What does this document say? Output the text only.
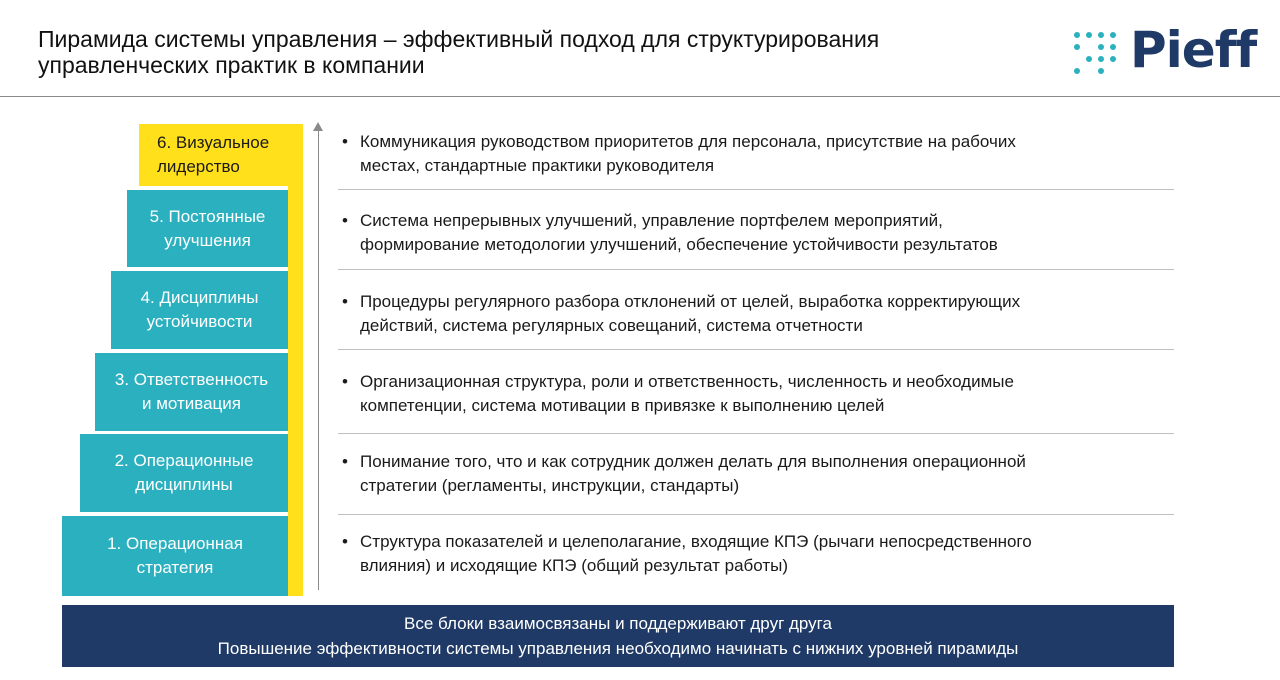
Пирамида системы управления – эффективный подход для структурирования
управленческих практик в компании	Pieff
6. Визуальное
лидерство
5. Постоянные
улучшения
4. Дисциплины
устойчивости
3. Ответственность
и мотивация
2. Операционные
дисциплины
1. Операционная
стратегия
• Коммуникация руководством приоритетов для персонала, присутствие на рабочих
местах, стандартные практики руководителя
• Система непрерывных улучшений, управление портфелем мероприятий,
формирование методологии улучшений, обеспечение устойчивости результатов
• Процедуры регулярного разбора отклонений от целей, выработка корректирующих
действий, система регулярных совещаний, система отчетности
• Организационная структура, роли и ответственность, численность и необходимые
компетенции, система мотивации в привязке к выполнению целей
• Понимание того, что и как сотрудник должен делать для выполнения операционной
стратегии (регламенты, инструкции, стандарты)
• Структура показателей и целеполагание, входящие КПЭ (рычаги непосредственного
влияния) и исходящие КПЭ (общий результат работы)
Все блоки взаимосвязаны и поддерживают друг друга
Повышение эффективности системы управления необходимо начинать с нижних уровней пирамиды
